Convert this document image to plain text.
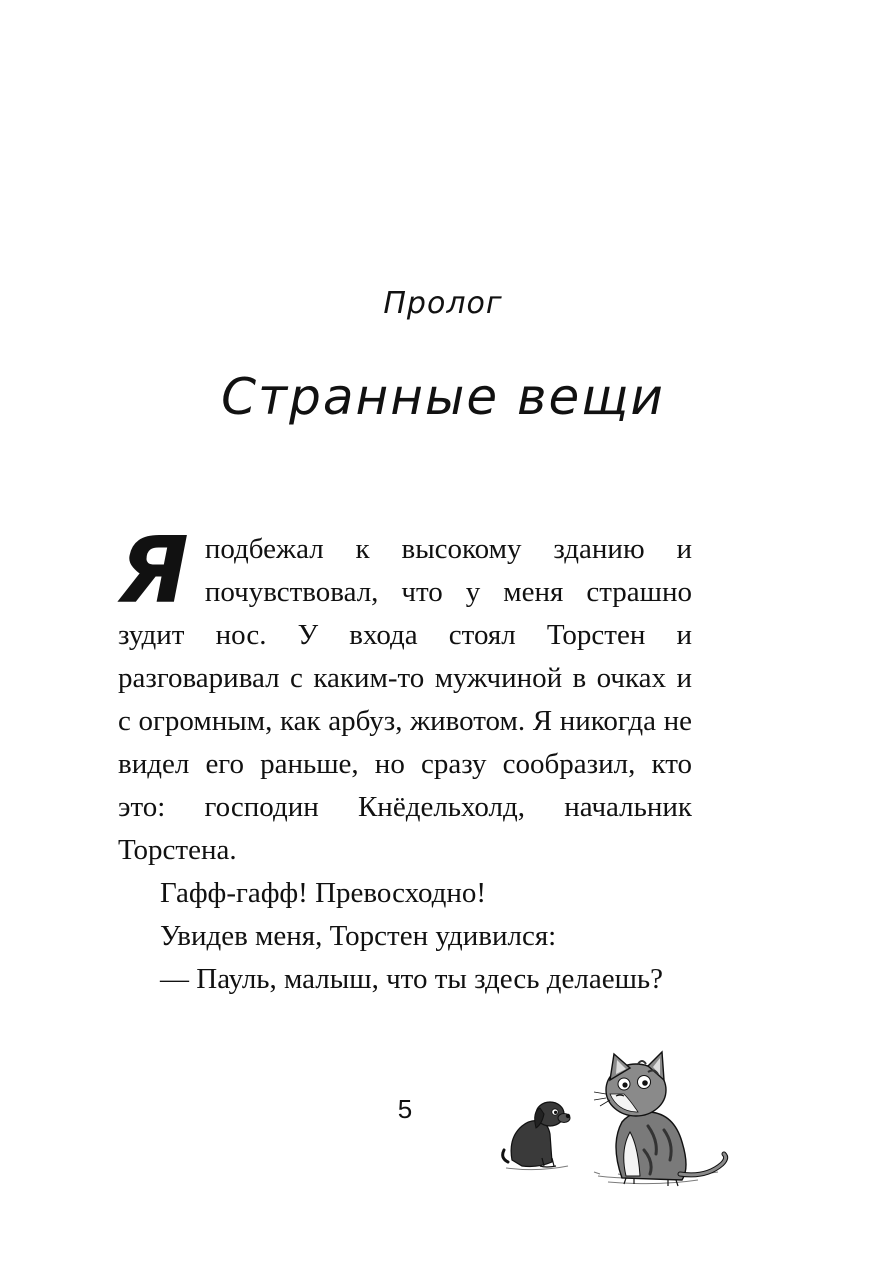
Пролог
Странные вещи

Яподбежал к высокому зданию и почувствовал, что у меня страшно зудит нос. У входа стоял Торстен и разговаривал с каким-то мужчиной в очках и с огромным, как арбуз, животом. Я никогда не видел его раньше, но сразу сообразил, кто это: господин Кнёдельхолд, начальник Торстена.

Гафф-гафф! Превосходно!

Увидев меня, Торстен удивился:

— Пауль, малыш, что ты здесь делаешь?

5
